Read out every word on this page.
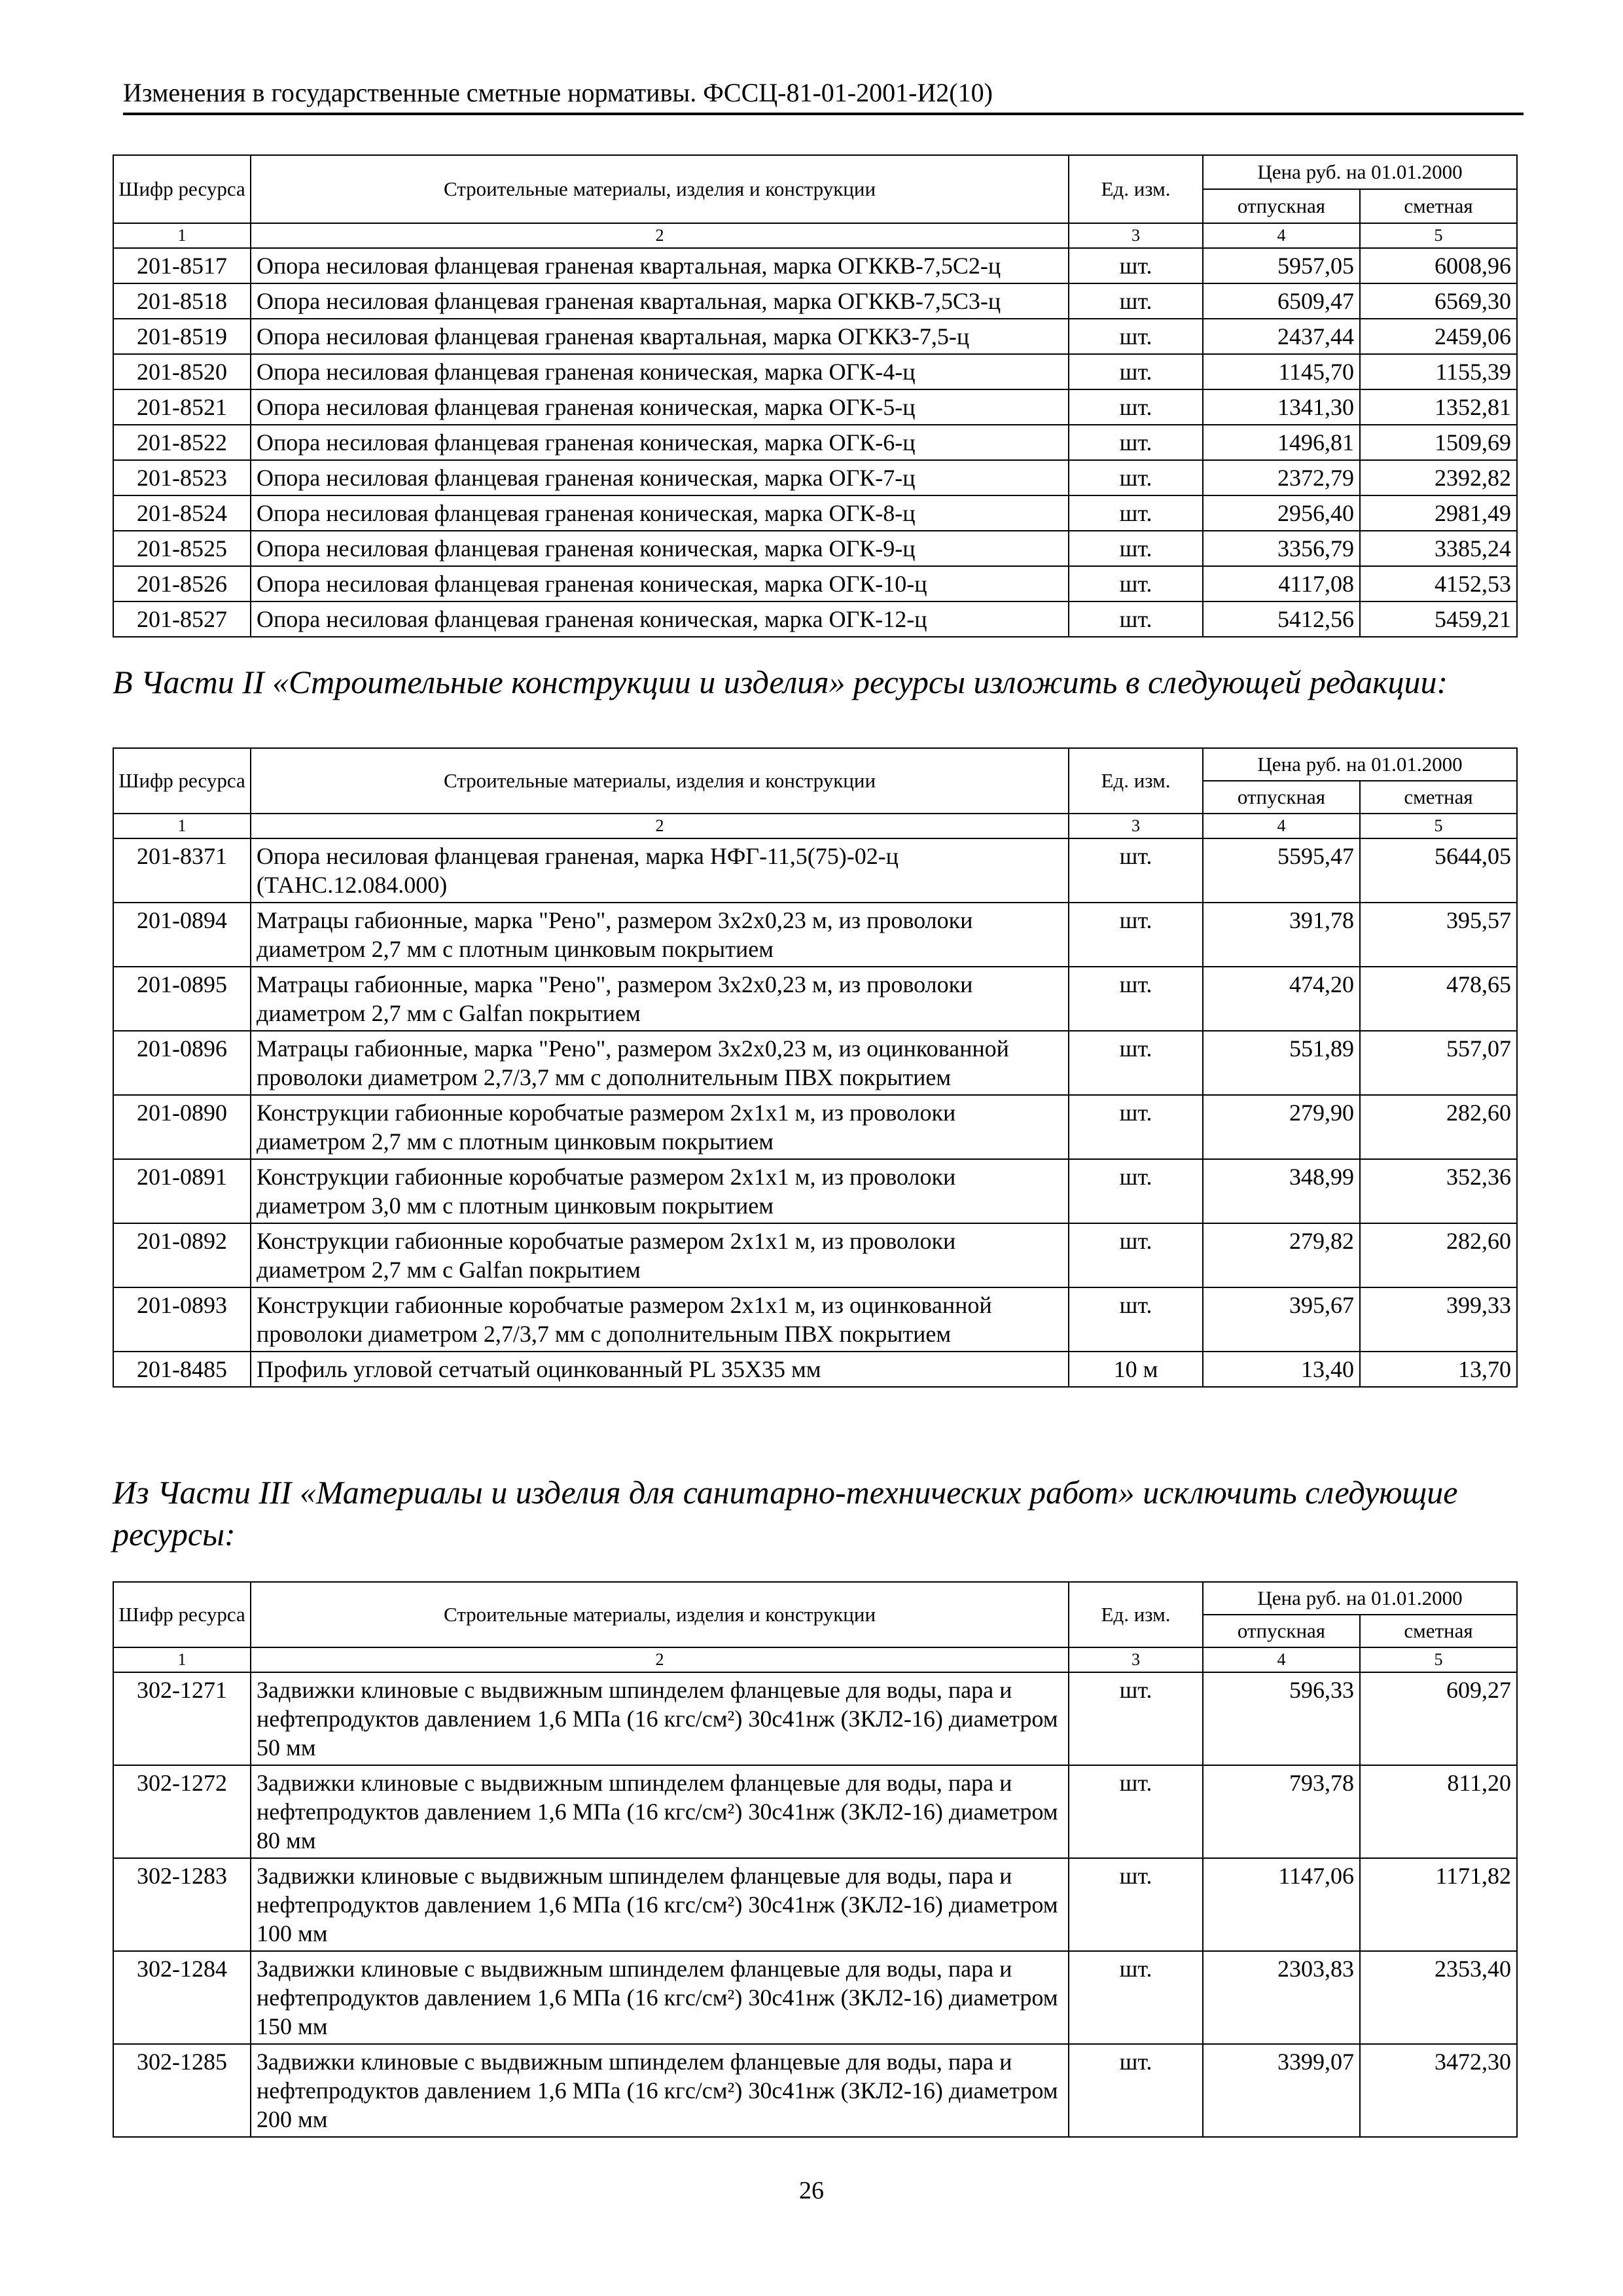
Изменения в государственные сметные нормативы. ФССЦ-81-01-2001-И2(10)
Шифр ресурса	Строительные материалы, изделия и конструкции	Ед. изм.	Цена руб. на 01.01.2000	
			отпускная	сметная
1	2	3	4	5
201-8517	Опора несиловая фланцевая граненая квартальная, марка ОГККВ-7,5С2-ц	шт.	5957,05	6008,96
201-8518	Опора несиловая фланцевая граненая квартальная, марка ОГККВ-7,5С3-ц	шт.	6509,47	6569,30
201-8519	Опора несиловая фланцевая граненая квартальная, марка ОГККЗ-7,5-ц	шт.	2437,44	2459,06
201-8520	Опора несиловая фланцевая граненая коническая, марка ОГК-4-ц	шт.	1145,70	1155,39
201-8521	Опора несиловая фланцевая граненая коническая, марка ОГК-5-ц	шт.	1341,30	1352,81
201-8522	Опора несиловая фланцевая граненая коническая, марка ОГК-6-ц	шт.	1496,81	1509,69
201-8523	Опора несиловая фланцевая граненая коническая, марка ОГК-7-ц	шт.	2372,79	2392,82
201-8524	Опора несиловая фланцевая граненая коническая, марка ОГК-8-ц	шт.	2956,40	2981,49
201-8525	Опора несиловая фланцевая граненая коническая, марка ОГК-9-ц	шт.	3356,79	3385,24
201-8526	Опора несиловая фланцевая граненая коническая, марка ОГК-10-ц	шт.	4117,08	4152,53
201-8527	Опора несиловая фланцевая граненая коническая, марка ОГК-12-ц	шт.	5412,56	5459,21
В Части II «Строительные конструкции и изделия» ресурсы изложить в следующей редакции:
Шифр ресурса	Строительные материалы, изделия и конструкции	Ед. изм.	Цена руб. на 01.01.2000	
			отпускная	сметная
1	2	3	4	5
201-8371	Опора несиловая фланцевая граненая, марка НФГ-11,5(75)-02-ц (ТАНС.12.084.000)	шт.	5595,47	5644,05
201-0894	Матрацы габионные, марка "Рено", размером 3х2х0,23 м, из проволоки диаметром 2,7 мм с плотным цинковым покрытием	шт.	391,78	395,57
201-0895	Матрацы габионные, марка "Рено", размером 3х2х0,23 м, из проволоки диаметром 2,7 мм с Galfan покрытием	шт.	474,20	478,65
201-0896	Матрацы габионные, марка "Рено", размером 3х2х0,23 м, из оцинкованной проволоки диаметром 2,7/3,7 мм с дополнительным ПВХ покрытием	шт.	551,89	557,07
201-0890	Конструкции габионные коробчатые размером 2х1х1 м, из проволоки диаметром 2,7 мм с плотным цинковым покрытием	шт.	279,90	282,60
201-0891	Конструкции габионные коробчатые размером 2х1х1 м, из проволоки диаметром 3,0 мм с плотным цинковым покрытием	шт.	348,99	352,36
201-0892	Конструкции габионные коробчатые размером 2х1х1 м, из проволоки диаметром 2,7 мм с Galfan покрытием	шт.	279,82	282,60
201-0893	Конструкции габионные коробчатые размером 2х1х1 м, из оцинкованной проволоки диаметром 2,7/3,7 мм с дополнительным ПВХ покрытием	шт.	395,67	399,33
201-8485	Профиль угловой сетчатый оцинкованный PL 35Х35 мм	10 м	13,40	13,70
Из Части III «Материалы и изделия для санитарно-технических работ» исключить следующие ресурсы:
Шифр ресурса	Строительные материалы, изделия и конструкции	Ед. изм.	Цена руб. на 01.01.2000	
			отпускная	сметная
1	2	3	4	5
302-1271	Задвижки клиновые с выдвижным шпинделем фланцевые для воды, пара и нефтепродуктов давлением 1,6 МПа (16 кгс/см²) 30с41нж (ЗКЛ2-16) диаметром 50 мм	шт.	596,33	609,27
302-1272	Задвижки клиновые с выдвижным шпинделем фланцевые для воды, пара и нефтепродуктов давлением 1,6 МПа (16 кгс/см²) 30с41нж (ЗКЛ2-16) диаметром 80 мм	шт.	793,78	811,20
302-1283	Задвижки клиновые с выдвижным шпинделем фланцевые для воды, пара и нефтепродуктов давлением 1,6 МПа (16 кгс/см²) 30с41нж (ЗКЛ2-16) диаметром 100 мм	шт.	1147,06	1171,82
302-1284	Задвижки клиновые с выдвижным шпинделем фланцевые для воды, пара и нефтепродуктов давлением 1,6 МПа (16 кгс/см²) 30с41нж (ЗКЛ2-16) диаметром 150 мм	шт.	2303,83	2353,40
302-1285	Задвижки клиновые с выдвижным шпинделем фланцевые для воды, пара и нефтепродуктов давлением 1,6 МПа (16 кгс/см²) 30с41нж (ЗКЛ2-16) диаметром 200 мм	шт.	3399,07	3472,30
26
